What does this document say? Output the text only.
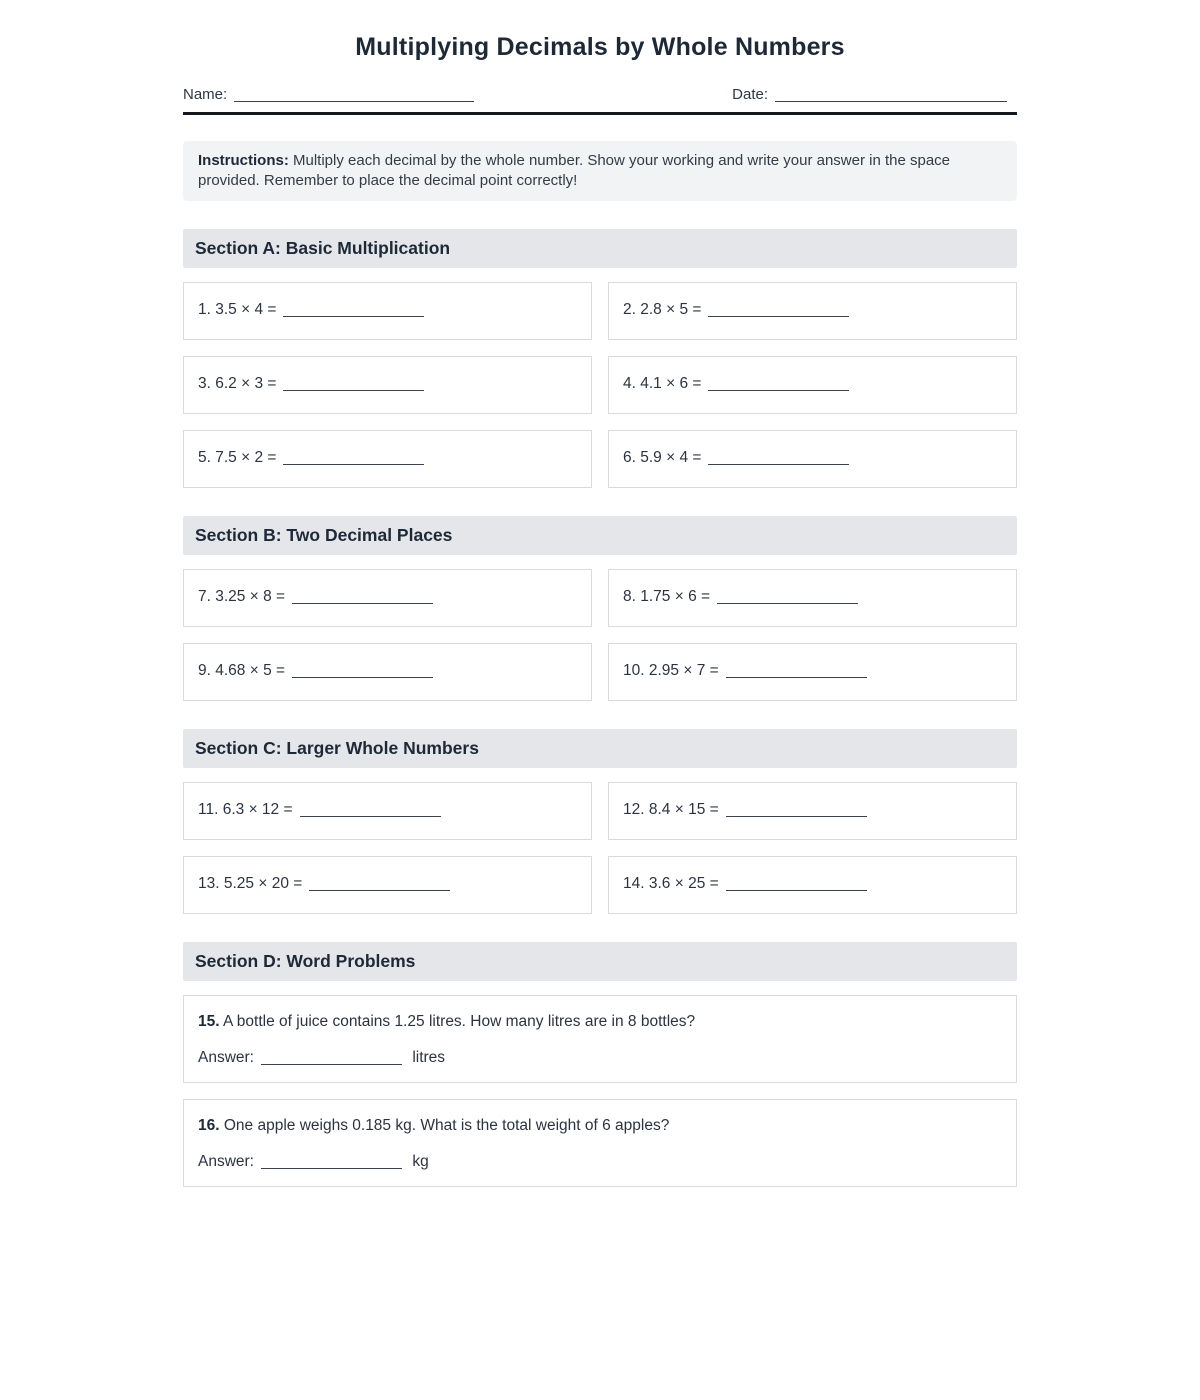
Multiplying Decimals by Whole Numbers
Name:	Date:
Instructions: Multiply each decimal by the whole number. Show your working and write your answer in the space provided. Remember to place the decimal point correctly!
Section A: Basic Multiplication
1. 3.5 × 4 =	2. 2.8 × 5 =
3. 6.2 × 3 =	4. 4.1 × 6 =
5. 7.5 × 2 =	6. 5.9 × 4 =
Section B: Two Decimal Places
7. 3.25 × 8 =	8. 1.75 × 6 =
9. 4.68 × 5 =	10. 2.95 × 7 =
Section C: Larger Whole Numbers
11. 6.3 × 12 =	12. 8.4 × 15 =
13. 5.25 × 20 =	14. 3.6 × 25 =
Section D: Word Problems
15. A bottle of juice contains 1.25 litres. How many litres are in 8 bottles?
Answer:	litres
16. One apple weighs 0.185 kg. What is the total weight of 6 apples?
Answer:	kg
